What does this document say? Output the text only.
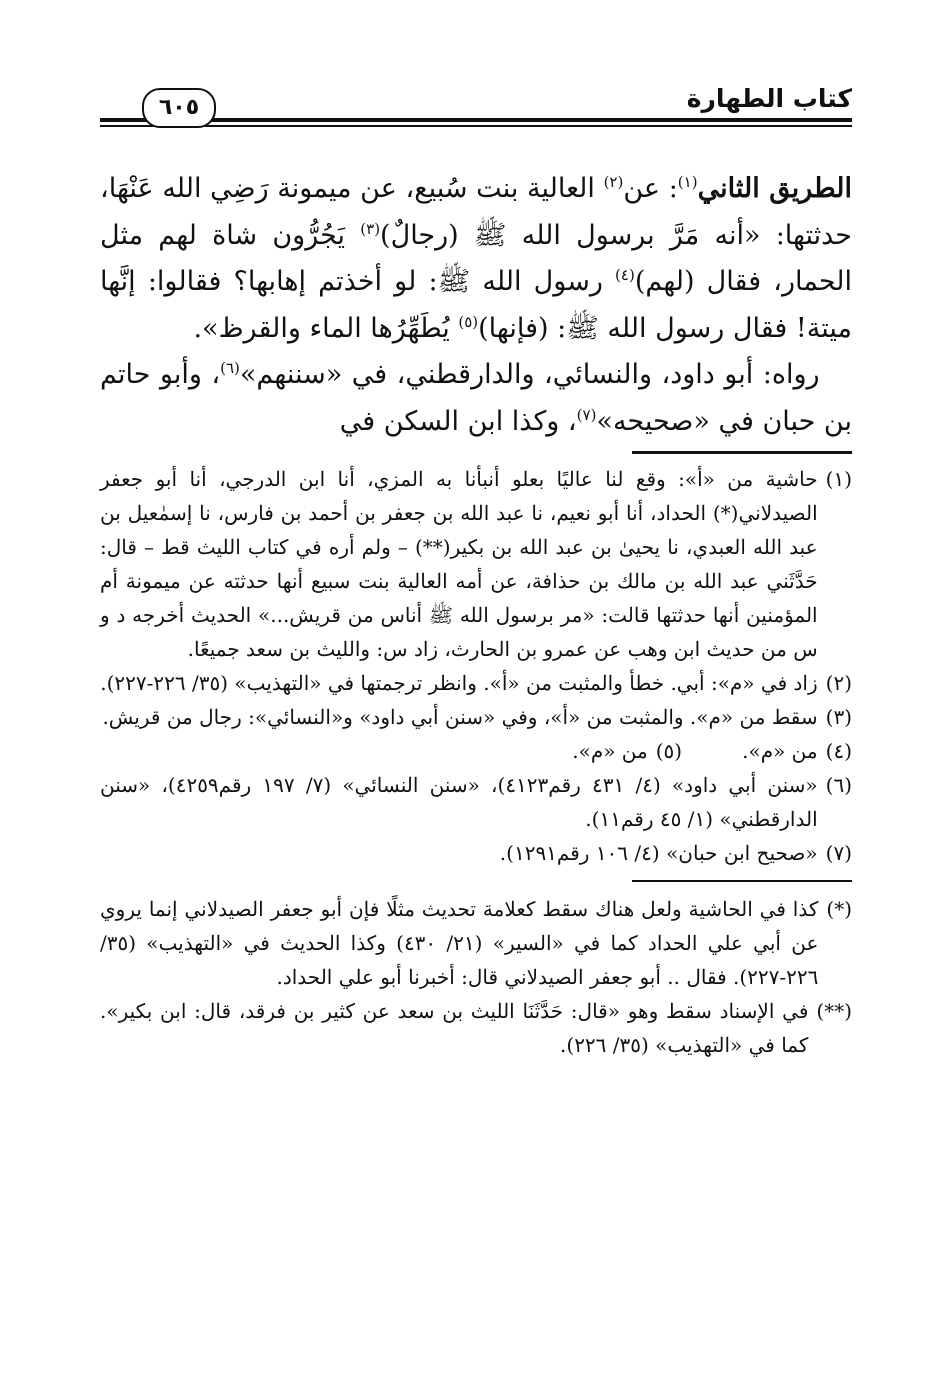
كتاب الطهارة
٦٠٥

الطريق الثاني$^{(١)}$: عن$^{(٢)}$ العالية بنت سُبيع، عن ميمونة رَضِي الله عَنْهَا، حدثتها: «أنه مَرَّ برسول الله ﷺ (رجالٌ)$^{(٣)}$ يَجُرُّون شاة لهم مثل الحمار، فقال (لهم)$^{(٤)}$ رسول الله ﷺ: لو أخذتم إهابها؟ فقالوا: إنَّها ميتة! فقال رسول الله ﷺ: (فإنها)$^{(٥)}$ يُطَهِّرُها الماء والقرظ».

رواه: أبو داود، والنسائي، والدارقطني، في «سننهم»$^{(٦)}$، وأبو حاتم بن حبان في «صحيحه»$^{(٧)}$، وكذا ابن السكن في

(١)
حاشية من «أ»: وقع لنا عاليًا بعلو أنبأنا به المزي، أنا ابن الدرجي، أنا أبو جعفر الصيدلاني(*) الحداد، أنا أبو نعيم، نا عبد الله بن جعفر بن أحمد بن فارس، نا إسمٰعيل بن عبد الله العبدي، نا يحيىٰ بن عبد الله بن بكير(**) – ولم أره في كتاب الليث قط – قال: حَدَّثَني عبد الله بن مالك بن حذافة، عن أمه العالية بنت سبيع أنها حدثته عن ميمونة أم المؤمنين أنها حدثتها قالت: «مر برسول الله ﷺ أناس من قريش...» الحديث أخرجه د و س من حديث ابن وهب عن عمرو بن الحارث، زاد س: والليث بن سعد جميعًا.
(٢)
زاد في «م»: أبي. خطأ والمثبت من «أ». وانظر ترجمتها في «التهذيب» (٣٥/ ٢٢٦-٢٢٧).
(٣)
سقط من «م». والمثبت من «أ»، وفي «سنن أبي داود» و«النسائي»: رجال من قريش.
(٤)
من «م».
(٥)
من «م».
(٦)
«سنن أبي داود» (٤/ ٤٣١ رقم٤١٢٣)، «سنن النسائي» (٧/ ١٩٧ رقم٤٢٥٩)، «سنن الدارقطني» (١/ ٤٥ رقم١١).
(٧)
«صحيح ابن حبان» (٤/ ١٠٦ رقم١٢٩١).
(*)
كذا في الحاشية ولعل هناك سقط كعلامة تحديث مثلًا فإن أبو جعفر الصيدلاني إنما يروي عن أبي علي الحداد كما في «السير» (٢١/ ٤٣٠) وكذا الحديث في «التهذيب» (٣٥/ ٢٢٦-٢٢٧). فقال .. أبو جعفر الصيدلاني قال: أخبرنا أبو علي الحداد.
(**)
في الإسناد سقط وهو «قال: حَدَّثَنَا الليث بن سعد عن كثير بن فرقد، قال: ابن بكير». كما في «التهذيب» (٣٥/ ٢٢٦).
